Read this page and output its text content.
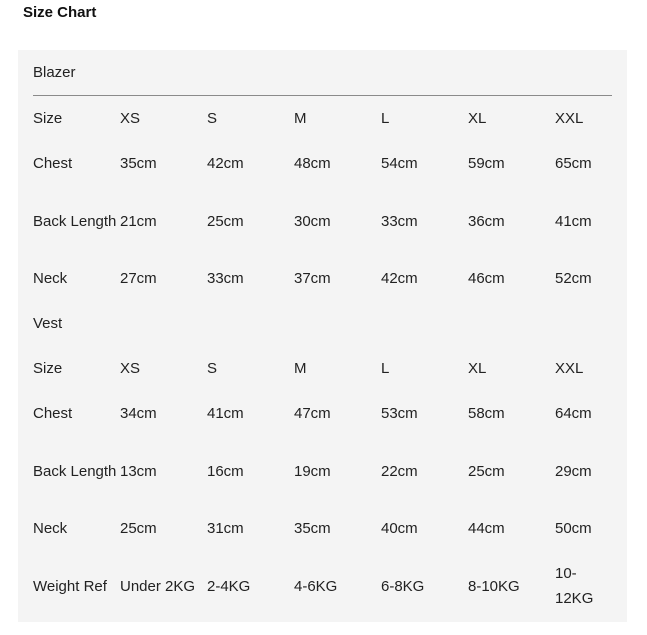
Size Chart
Blazer						
Size	XS	S	M	L	XL	XXL
Chest	35cm	42cm	48cm	54cm	59cm	65cm
Back Length	21cm	25cm	30cm	33cm	36cm	41cm
Neck	27cm	33cm	37cm	42cm	46cm	52cm
Vest						
Size	XS	S	M	L	XL	XXL
Chest	34cm	41cm	47cm	53cm	58cm	64cm
Back Length	13cm	16cm	19cm	22cm	25cm	29cm
Neck	25cm	31cm	35cm	40cm	44cm	50cm
Weight Ref	Under 2KG	2-4KG	4-6KG	6-8KG	8-10KG	10-12KG
